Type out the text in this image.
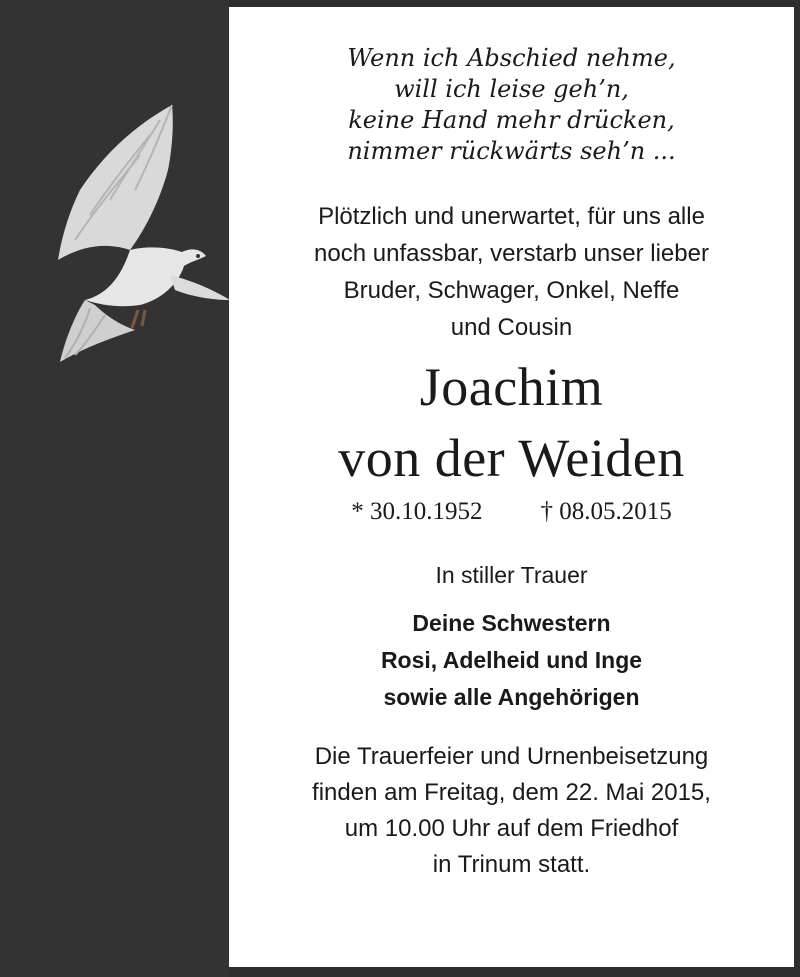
Wenn ich Abschied nehme,
will ich leise geh’n,
keine Hand mehr drücken,
nimmer rückwärts seh’n ...
Plötzlich und unerwartet, für uns alle
noch unfassbar, verstarb unser lieber
Bruder, Schwager, Onkel, Neffe
und Cousin
Joachim
von der Weiden
* 30.10.1952 † 08.05.2015
In stiller Trauer
Deine Schwestern
Rosi, Adelheid und Inge
sowie alle Angehörigen
Die Trauerfeier und Urnenbeisetzung
finden am Freitag, dem 22. Mai 2015,
um 10.00 Uhr auf dem Friedhof
in Trinum statt.
